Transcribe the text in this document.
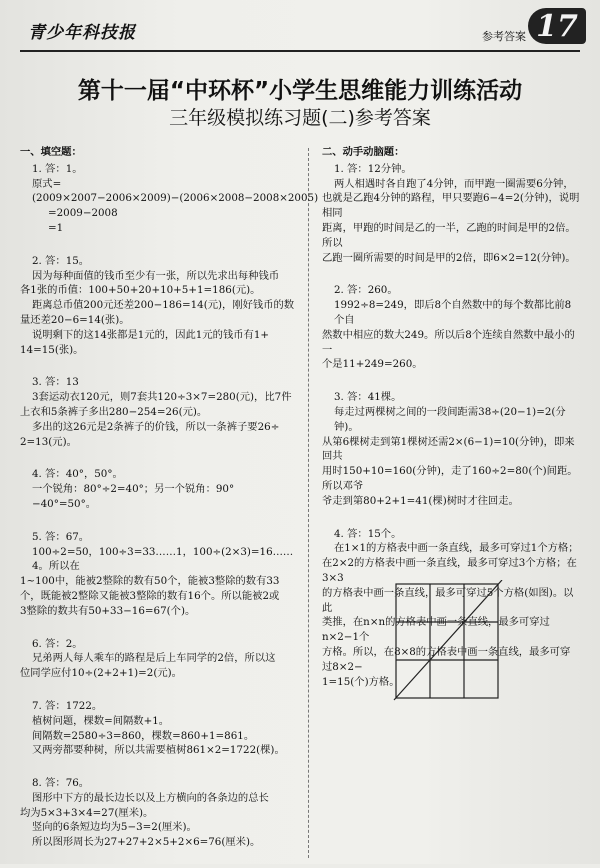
青少年科技报	参考答案 17
第十一届“中环杯”小学生思维能力训练活动
三年级模拟练习题(二)参考答案
一、填空题：

1. 答：1。

原式=(2009×2007−2006×2009)−(2006×2008−2008×2005)

=2009−2008

=1

2. 答：15。

因为每种面值的钱币至少有一张，所以先求出每种钱币

各1张的币值：100+50+20+10+5+1=186(元)。

距离总币值200元还差200−186=14(元)，刚好钱币的数

量还差20−6=14(张)。

说明剩下的这14张都是1元的，因此1元的钱币有1+

14=15(张)。

3. 答：13

3套运动衣120元，则7套共120÷3×7=280(元)，比7件

上衣和5条裤子多出280−254=26(元)。

多出的这26元是2条裤子的价钱，所以一条裤子要26÷

2=13(元)。

4. 答：40°，50°。

一个锐角：80°÷2=40°；另一个锐角：90°−40°=50°。

5. 答：67。

100÷2=50，100÷3=33……1，100÷(2×3)=16……4。所以在

1~100中，能被2整除的数有50个，能被3整除的数有33

个，既能被2整除又能被3整除的数有16个。所以能被2或

3整除的数共有50+33−16=67(个)。

6. 答：2。

兄弟两人每人乘车的路程是后上车同学的2倍，所以这

位同学应付10÷(2+2+1)=2(元)。

7. 答：1722。

植树问题，棵数=间隔数+1。

间隔数=2580÷3=860，棵数=860+1=861。

又两旁都要种树，所以共需要植树861×2=1722(棵)。

8. 答：76。

图形中下方的最长边长以及上方横向的各条边的总长

均为5×3+3×4=27(厘米)。

竖向的6条短边均为5−3=2(厘米)。

所以图形周长为27+27+2×5+2×6=76(厘米)。

二、动手动脑题：

1. 答：12分钟。

两人相遇时各自跑了4分钟，而甲跑一圈需要6分钟，

也就是乙跑4分钟的路程，甲只要跑6−4=2(分钟)，说明相同

距离，甲跑的时间是乙的一半，乙跑的时间是甲的2倍。所以

乙跑一圈所需要的时间是甲的2倍，即6×2=12(分钟)。

2. 答：260。

1992÷8=249，即后8个自然数中的每个数都比前8个自

然数中相应的数大249。所以后8个连续自然数中最小的一

个是11+249=260。

3. 答：41棵。

每走过两棵树之间的一段间距需38÷(20−1)=2(分钟)。

从第6棵树走到第1棵树还需2×(6−1)=10(分钟)，即来回共

用时150+10=160(分钟)，走了160÷2=80(个)间距。所以邓爷

爷走到第80+2+1=41(棵)树时才往回走。

4. 答：15个。

在1×1的方格表中画一条直线，最多可穿过1个方格；

在2×2的方格表中画一条直线，最多可穿过3个方格；在3×3

的方格表中画一条直线，最多可穿过5个方格(如图)。以此

类推，在n×n的方格表中画一条直线，最多可穿过n×2−1个

方格。所以，在8×8的方格表中画一条直线，最多可穿过8×2−

1=15(个)方格。
